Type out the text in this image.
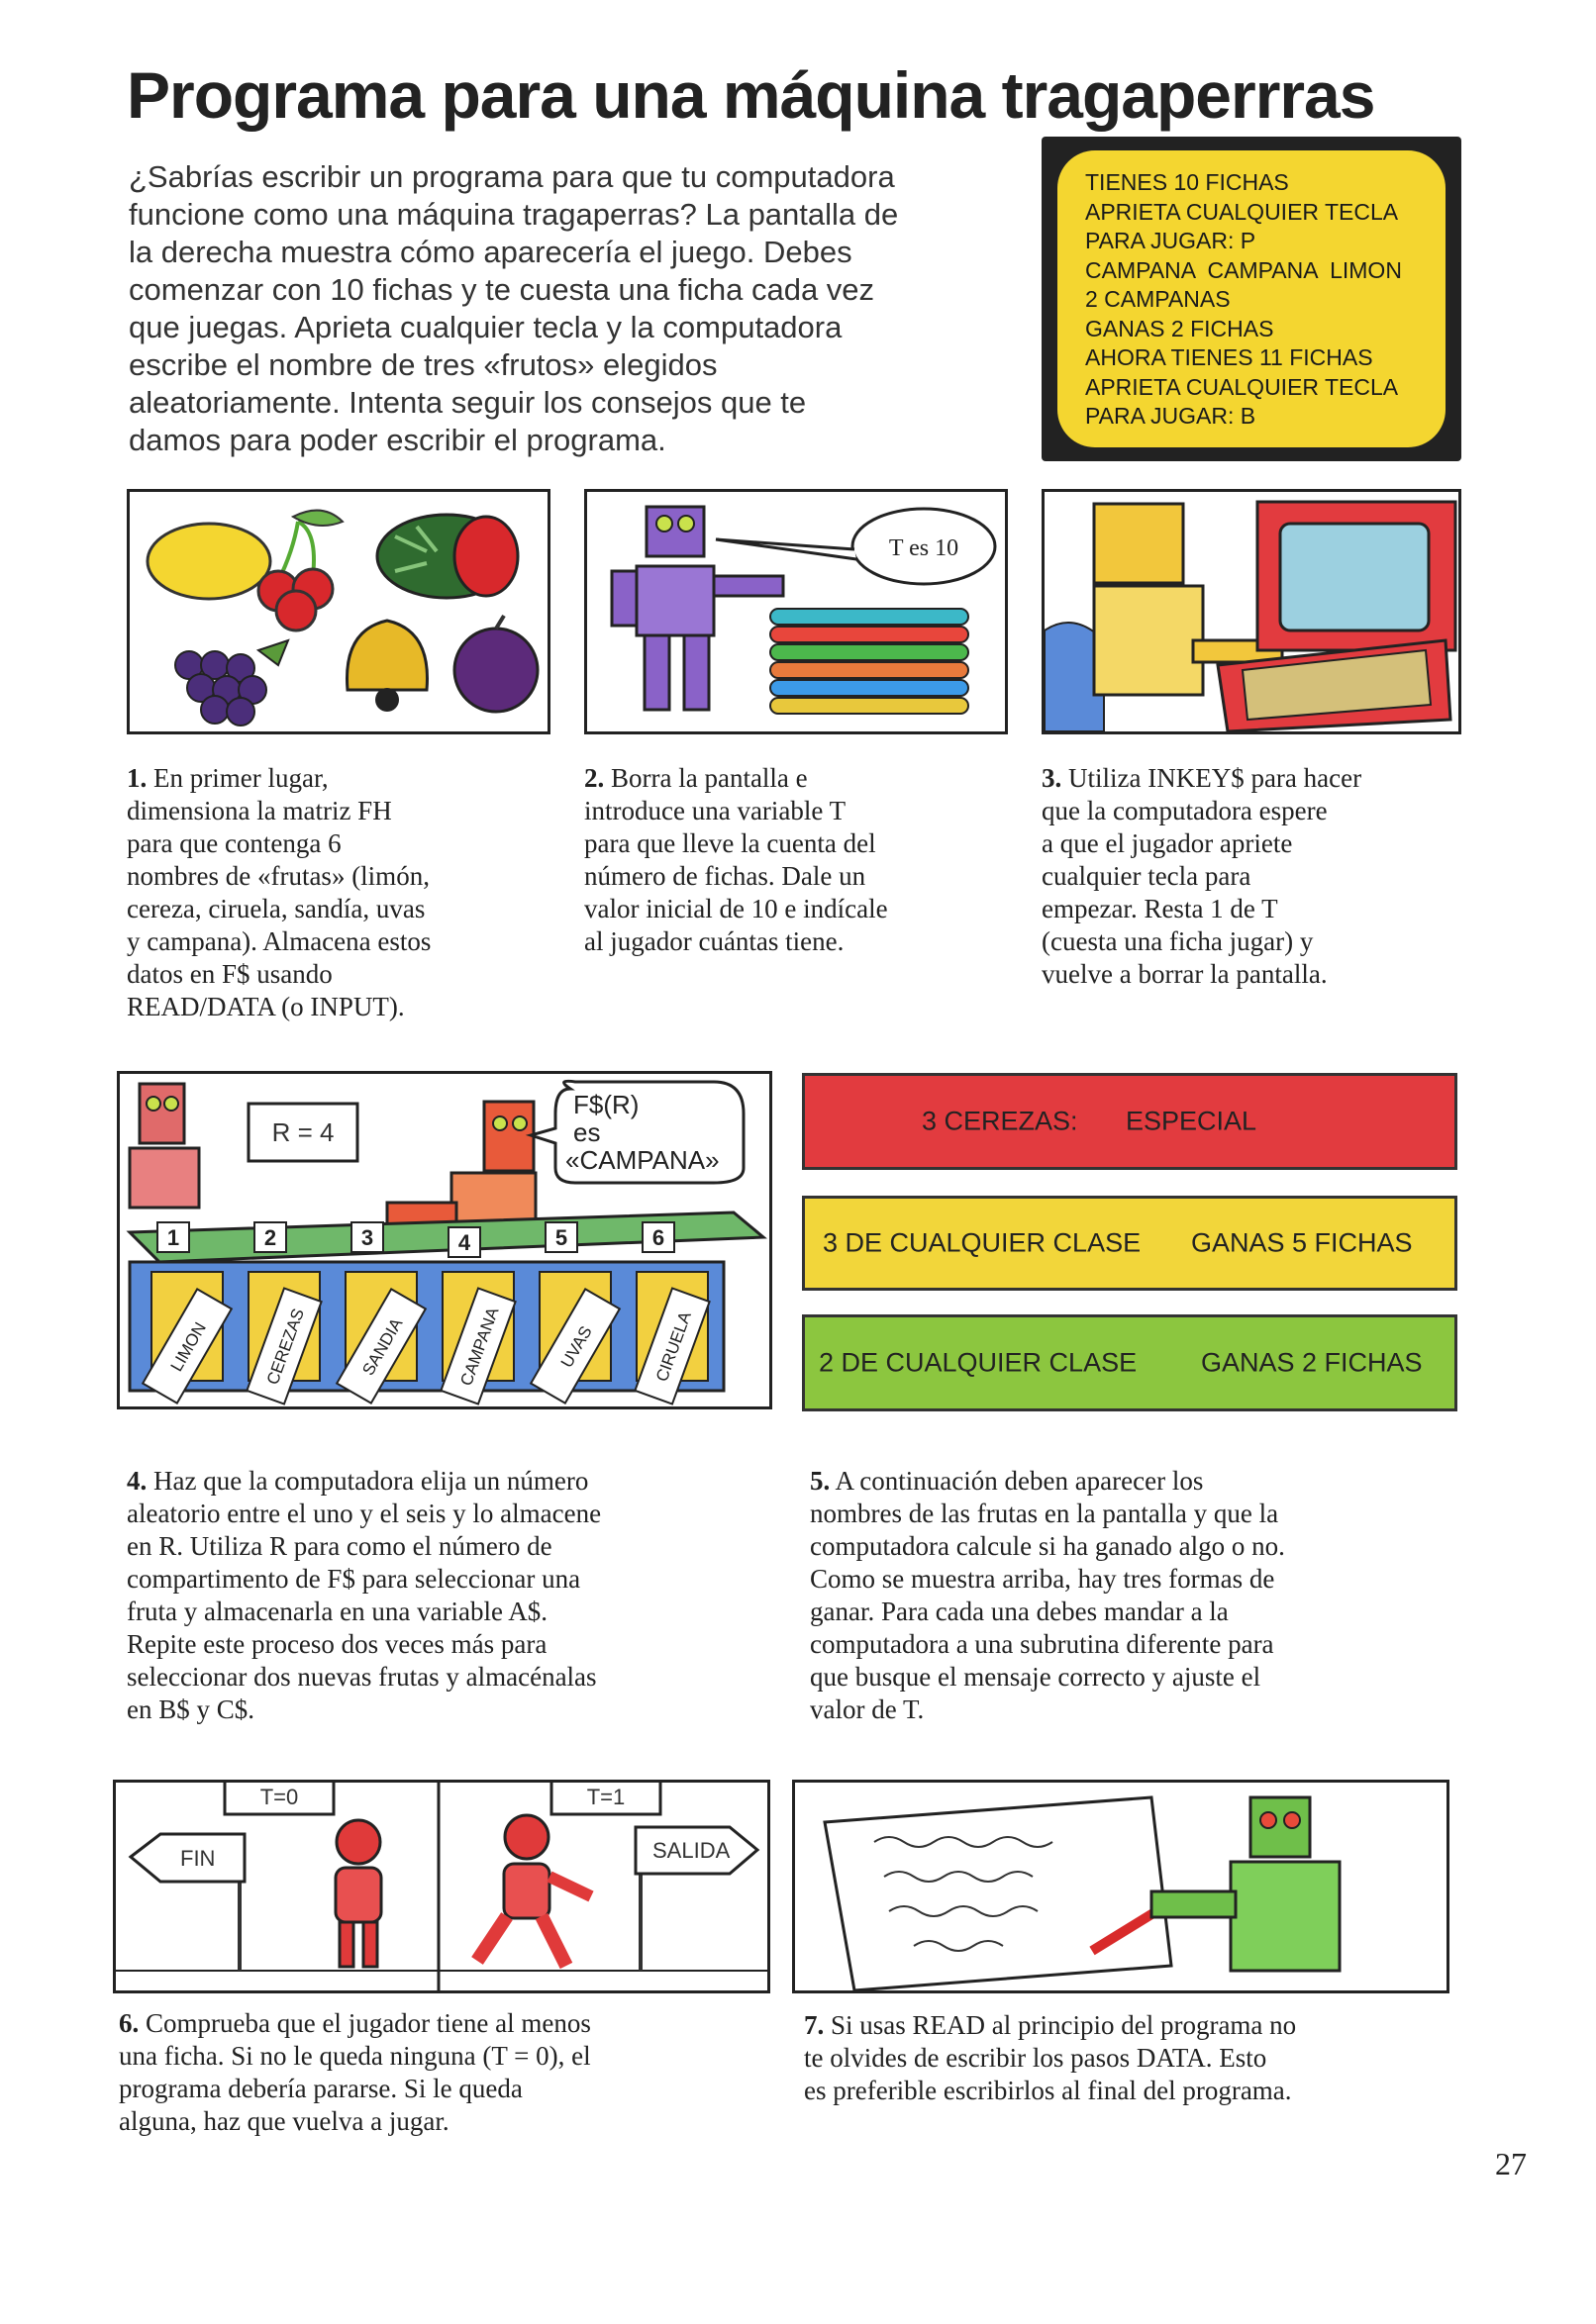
Programa para una máquina tragaperrras
¿Sabrías escribir un programa para que tu computadora
funcione como una máquina tragaperras? La pantalla de
la derecha muestra cómo aparecería el juego. Debes
comenzar con 10 fichas y te cuesta una ficha cada vez
que juegas. Aprieta cualquier tecla y la computadora
escribe el nombre de tres «frutos» elegidos
aleatoriamente. Intenta seguir los consejos que te
damos para poder escribir el programa.
TIENES 10 FICHAS
APRIETA CUALQUIER TECLA
PARA JUGAR: P
CAMPANA  CAMPANA  LIMON
2 CAMPANAS
GANAS 2 FICHAS
AHORA TIENES 11 FICHAS
APRIETA CUALQUIER TECLA
PARA JUGAR: B
T es 10
1. En primer lugar,
dimensiona la matriz FH
para que contenga 6
nombres de «frutas» (limón,
cereza, ciruela, sandía, uvas
y campana). Almacena estos
datos en F$ usando
READ/DATA (o INPUT).
2. Borra la pantalla e
introduce una variable T
para que lleve la cuenta del
número de fichas. Dale un
valor inicial de 10 e indícale
al jugador cuántas tiene.
3. Utiliza INKEY$ para hacer
que la computadora espere
a que el jugador apriete
cualquier tecla para
empezar. Resta 1 de T
(cuesta una ficha jugar) y
vuelve a borrar la pantalla.
R = 4
F$(R)
es
«CAMPANA»
1
LIMON
2
CEREZAS
3
SANDIA
4
CAMPANA
5
UVAS
6
CIRUELA
3 CEREZAS: ESPECIAL
3 DE CUALQUIER CLASE GANAS 5 FICHAS
2 DE CUALQUIER CLASE GANAS 2 FICHAS
4. Haz que la computadora elija un número
aleatorio entre el uno y el seis y lo almacene
en R. Utiliza R para como el número de
compartimento de F$ para seleccionar una
fruta y almacenarla en una variable A$.
Repite este proceso dos veces más para
seleccionar dos nuevas frutas y almacénalas
en B$ y C$.
5. A continuación deben aparecer los
nombres de las frutas en la pantalla y que la
computadora calcule si ha ganado algo o no.
Como se muestra arriba, hay tres formas de
ganar. Para cada una debes mandar a la
computadora a una subrutina diferente para
que busque el mensaje correcto y ajuste el
valor de T.
T=0	T=1
FIN	SALIDA
6. Comprueba que el jugador tiene al menos
una ficha. Si no le queda ninguna (T = 0), el
programa debería pararse. Si le queda
alguna, haz que vuelva a jugar.
7. Si usas READ al principio del programa no
te olvides de escribir los pasos DATA. Esto
es preferible escribirlos al final del programa.
27
